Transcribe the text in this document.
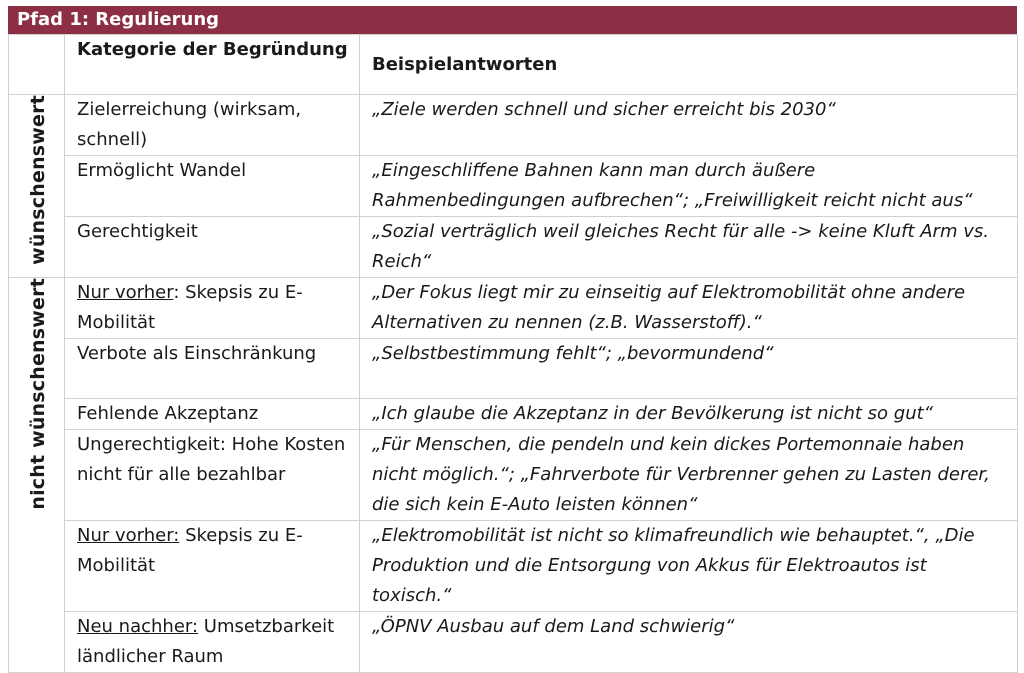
Pfad 1: Regulierung
	Kategorie der Begründung	Beispielantworten
wünschenswert	Zielerreichung (wirksam, schnell)	„Ziele werden schnell und sicher erreicht bis 2030“
	Ermöglicht Wandel	„Eingeschliffene Bahnen kann man durch äußere Rahmenbedingungen aufbrechen“; „Freiwilligkeit reicht nicht aus“
	Gerechtigkeit	„Sozial verträglich weil gleiches Recht für alle -> keine Kluft Arm vs. Reich“
nicht wünschenswert	Nur vorher: Skepsis zu E-Mobilität	„Der Fokus liegt mir zu einseitig auf Elektromobilität ohne andere Alternativen zu nennen (z.B. Wasserstoff).“
	Verbote als Einschränkung	„Selbstbestimmung fehlt“; „bevormundend“
	Fehlende Akzeptanz	„Ich glaube die Akzeptanz in der Bevölkerung ist nicht so gut“
	Ungerechtigkeit: Hohe Kosten nicht für alle bezahlbar	„Für Menschen, die pendeln und kein dickes Portemonnaie haben nicht möglich.“; „Fahrverbote für Verbrenner gehen zu Lasten derer, die sich kein E-Auto leisten können“
	Nur vorher: Skepsis zu E-Mobilität	„Elektromobilität ist nicht so klimafreundlich wie behauptet.“, „Die Produktion und die Entsorgung von Akkus für Elektroautos ist toxisch.“
	Neu nachher: Umsetzbarkeit ländlicher Raum	„ÖPNV Ausbau auf dem Land schwierig“
